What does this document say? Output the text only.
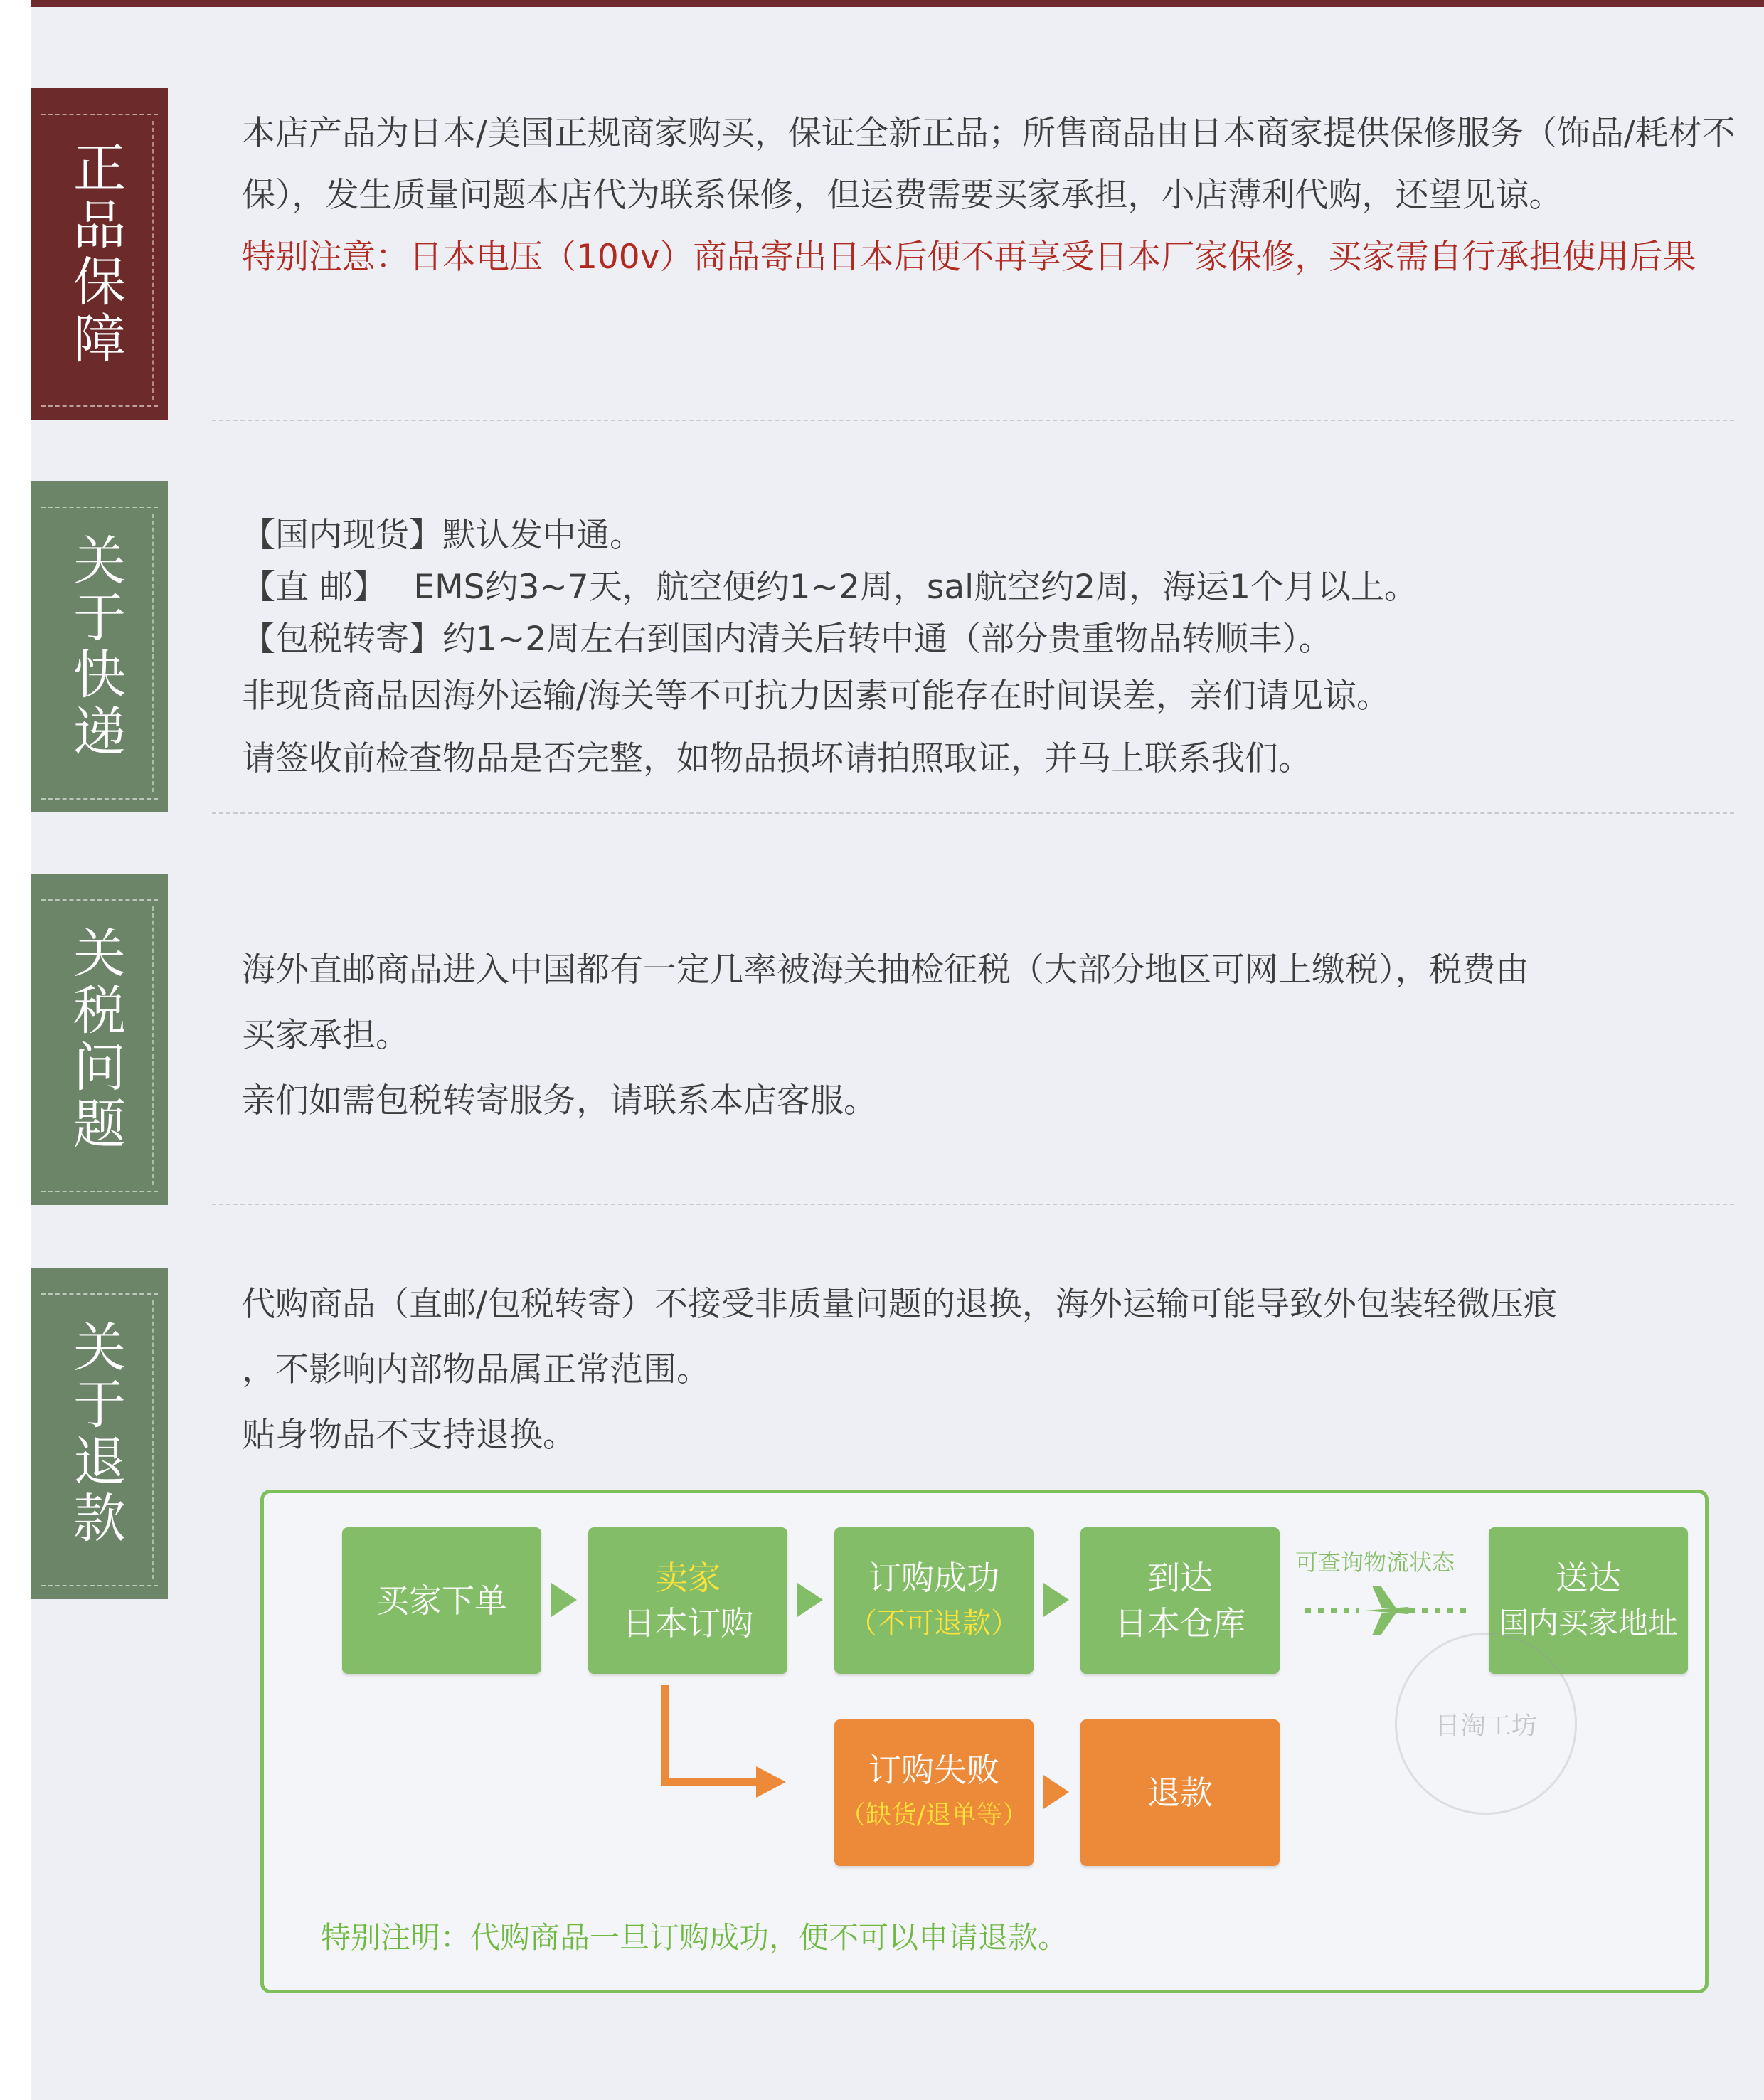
正品保障

本店产品为日本/美国正规商家购买，保证全新正品；所售商品由日本商家提供保修服务（饰品/耗材不保），发生质量问题本店代为联系保修，但运费需要买家承担，小店薄利代购，还望见谅。

特别注意：日本电压（100v）商品寄出日本后便不再享受日本厂家保修，买家需自行承担使用后果

关于快递

【国内现货】默认发中通。

【直 邮】　 EMS约3~7天，航空便约1~2周，sal航空约2周，海运1个月以上。

【包税转寄】约1~2周左右到国内清关后转中通（部分贵重物品转顺丰）。

非现货商品因海外运输/海关等不可抗力因素可能存在时间误差，亲们请见谅。

请签收前检查物品是否完整，如物品损坏请拍照取证，并马上联系我们。

关税问题

海外直邮商品进入中国都有一定几率被海关抽检征税（大部分地区可网上缴税），税费由

买家承担。

亲们如需包税转寄服务，请联系本店客服。

关于退款

代购商品（直邮/包税转寄）不接受非质量问题的退换，海外运输可能导致外包装轻微压痕

，不影响内部物品属正常范围。

贴身物品不支持退换。

买家下单
卖家
日本订购
订购成功
（不可退款）
到达
日本仓库
可查询物流状态	送达
国内买家地址
订购失败
（缺货/退单等）
退款
日淘工坊
特别注明：代购商品一旦订购成功，便不可以申请退款。
